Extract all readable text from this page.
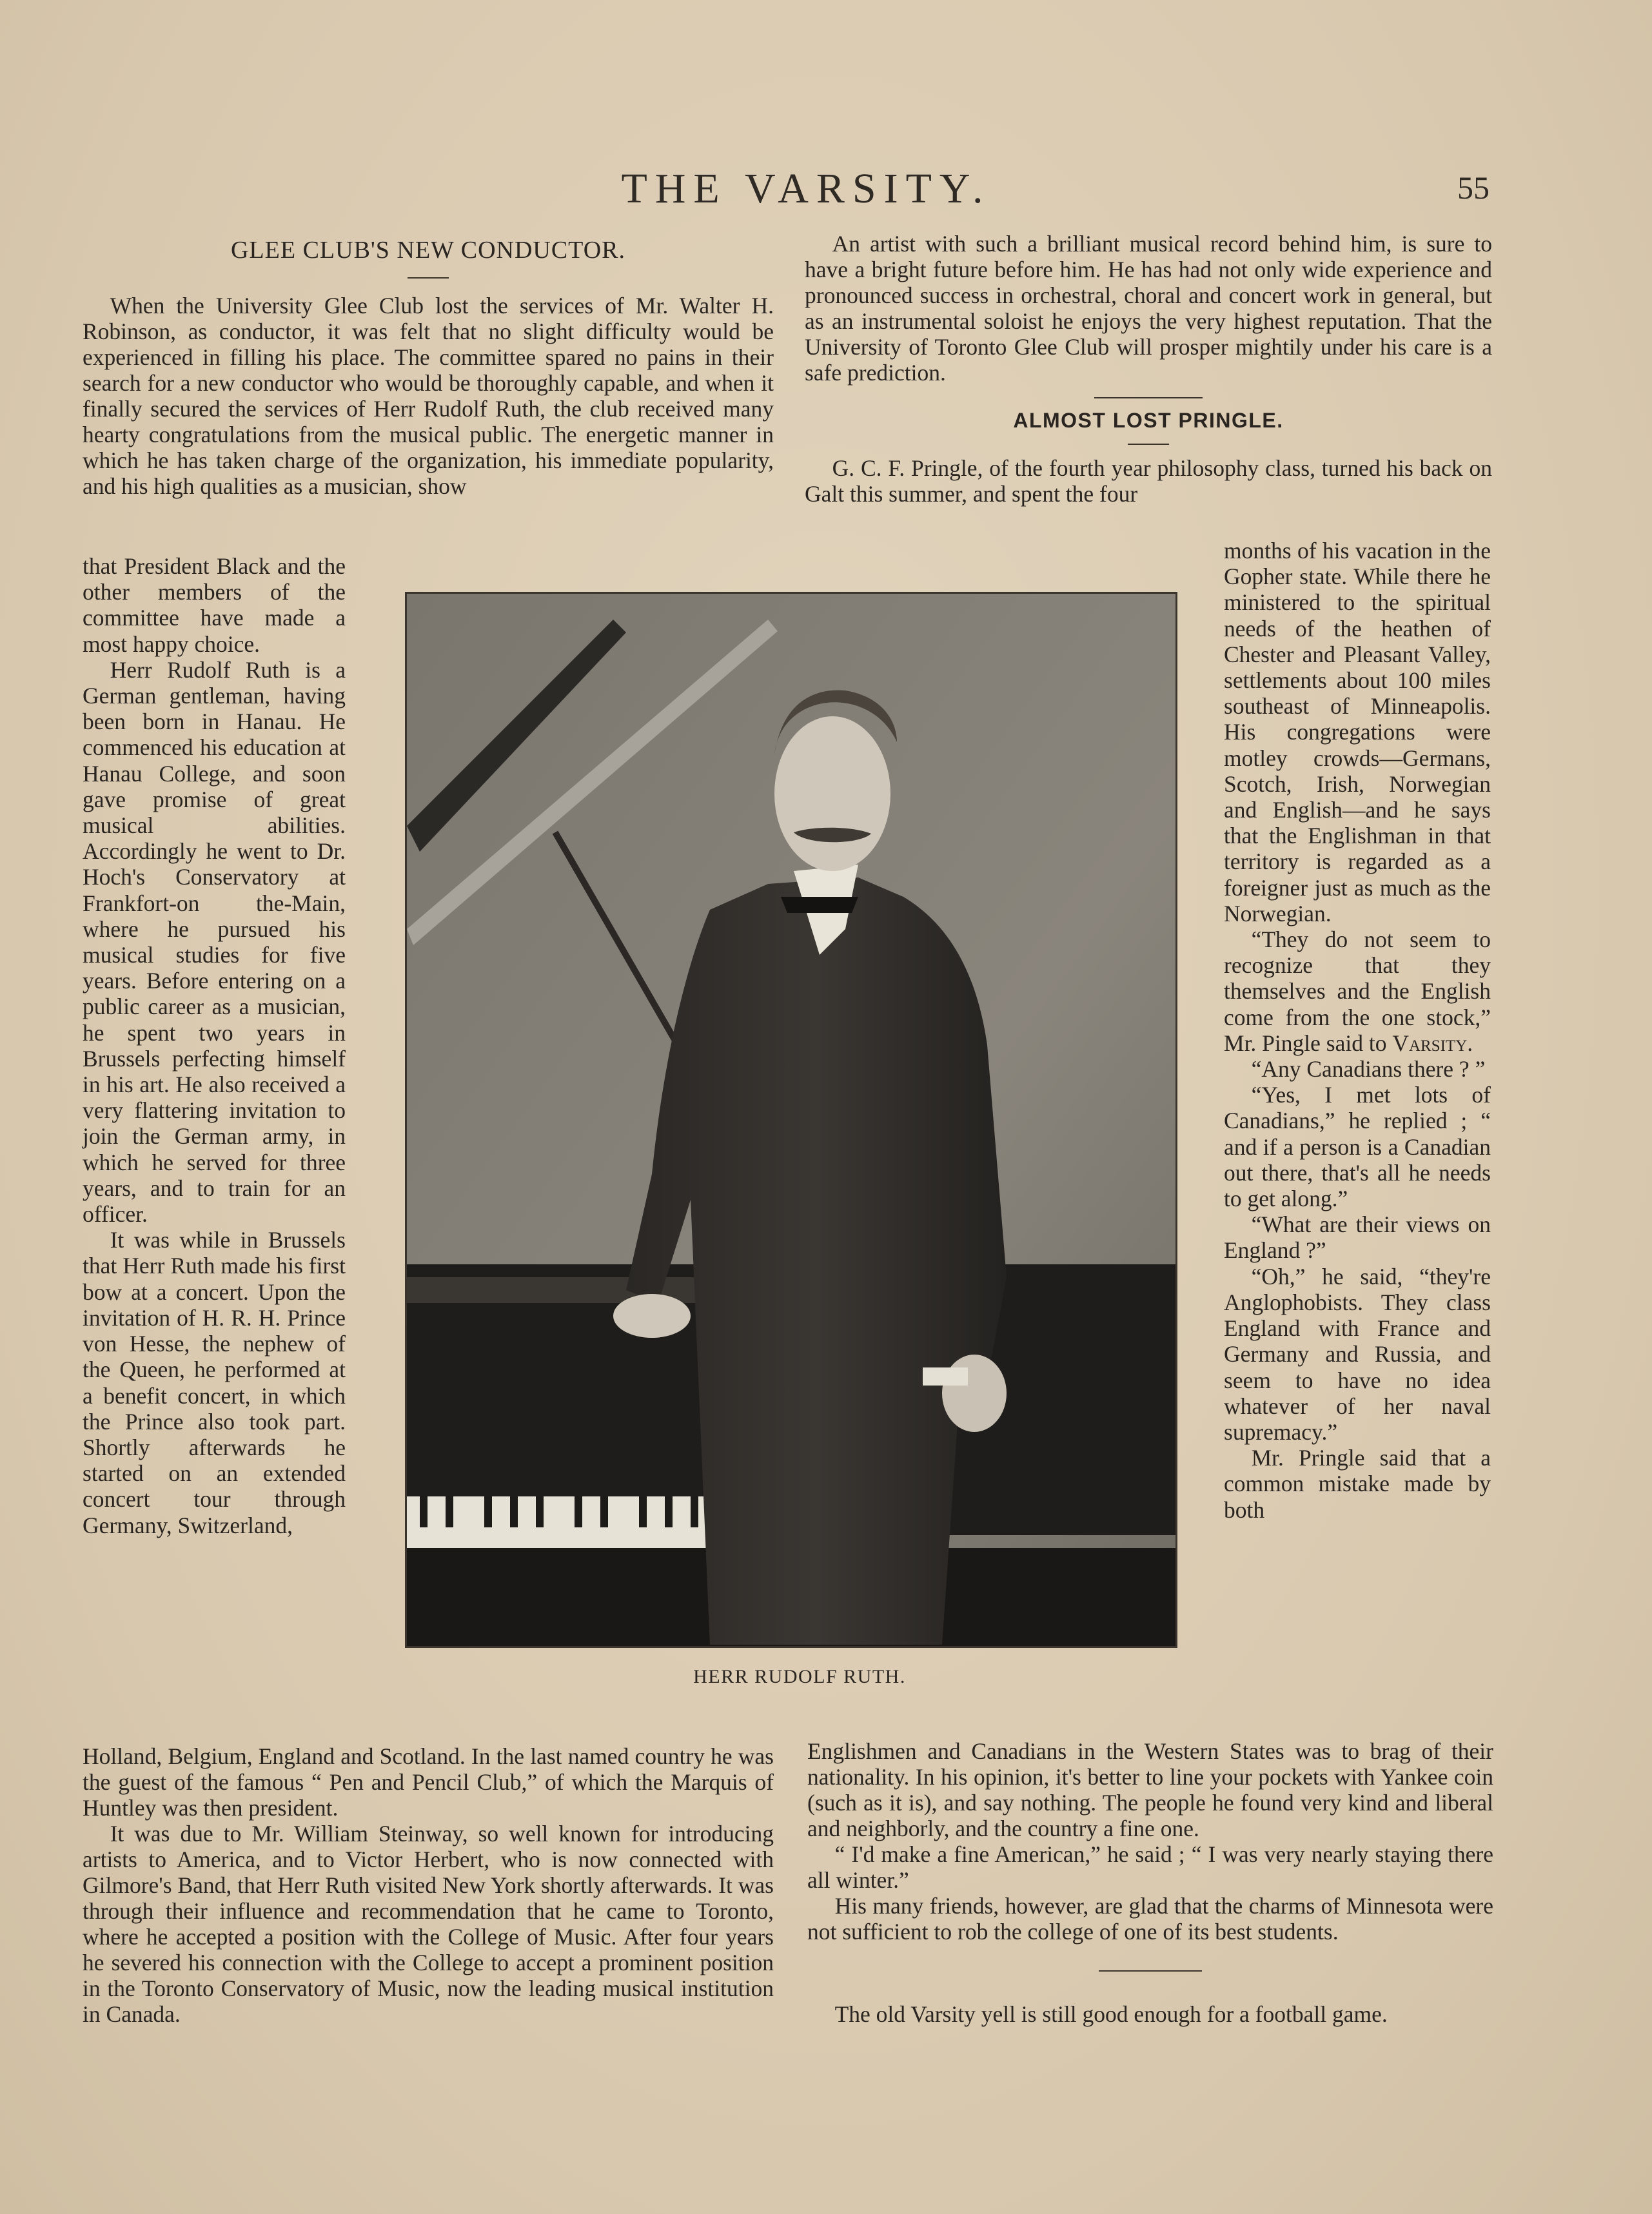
THE VARSITY.	55
GLEE CLUB'S NEW CONDUCTOR.

When the University Glee Club lost the services of Mr. Walter H. Robinson, as conductor, it was felt that no slight difficulty would be experienced in filling his place. The committee spared no pains in their search for a new conductor who would be thoroughly capable, and when it finally secured the services of Herr Rudolf Ruth, the club received many hearty congratulations from the musical public. The energetic manner in which he has taken charge of the organization, his immediate popularity, and his high qualities as a musician, show

that President Black and the other members of the committee have made a most happy choice.

Herr Rudolf Ruth is a German gentleman, having been born in Hanau. He commenced his education at Hanau College, and soon gave promise of great musical abilities. Accordingly he went to Dr. Hoch's Conservatory at Frankfort-on the-Main, where he pursued his musical studies for five years. Before entering on a public career as a musician, he spent two years in Brussels perfecting himself in his art. He also received a very flattering invitation to join the German army, in which he served for three years, and to train for an officer.

It was while in Brussels that Herr Ruth made his first bow at a concert. Upon the invitation of H. R. H. Prince von Hesse, the nephew of the Queen, he performed at a benefit concert, in which the Prince also took part. Shortly afterwards he started on an extended concert tour through Germany, Switzerland,

Holland, Belgium, England and Scotland. In the last named country he was the guest of the famous “ Pen and Pencil Club,” of which the Marquis of Huntley was then president.

It was due to Mr. William Steinway, so well known for introducing artists to America, and to Victor Herbert, who is now connected with Gilmore's Band, that Herr Ruth visited New York shortly afterwards. It was through their influence and recommendation that he came to Toronto, where he accepted a position with the College of Music. After four years he severed his connection with the College to accept a prominent position in the Toronto Conservatory of Music, now the leading musical institution in Canada.

An artist with such a brilliant musical record behind him, is sure to have a bright future before him. He has had not only wide experience and pronounced success in orchestral, choral and concert work in general, but as an instrumental soloist he enjoys the very highest reputation. That the University of Toronto Glee Club will prosper mightily under his care is a safe prediction.

ALMOST LOST PRINGLE.

G. C. F. Pringle, of the fourth year philosophy class, turned his back on Galt this summer, and spent the four

months of his vacation in the Gopher state. While there he ministered to the spiritual needs of the heathen of Chester and Pleasant Valley, settlements about 100 miles southeast of Minneapolis. His congregations were motley crowds—Germans, Scotch, Irish, Norwegian and English—and he says that the Englishman in that territory is regarded as a foreigner just as much as the Norwegian.

“They do not seem to recognize that they themselves and the English come from the one stock,” Mr. Pingle said to Varsity.

“Any Canadians there ? ”

“Yes, I met lots of Canadians,” he replied ; “ and if a person is a Canadian out there, that's all he needs to get along.”

“What are their views on England ?”

“Oh,” he said, “they're Anglophobists. They class England with France and Germany and Russia, and seem to have no idea whatever of her naval supremacy.”

Mr. Pringle said that a common mistake made by both

Englishmen and Canadians in the Western States was to brag of their nationality. In his opinion, it's better to line your pockets with Yankee coin (such as it is), and say nothing. The people he found very kind and liberal and neighborly, and the country a fine one.

“ I'd make a fine American,” he said ; “ I was very nearly staying there all winter.”

His many friends, however, are glad that the charms of Minnesota were not sufficient to rob the college of one of its best students.

The old Varsity yell is still good enough for a football game.

HERR RUDOLF RUTH.
